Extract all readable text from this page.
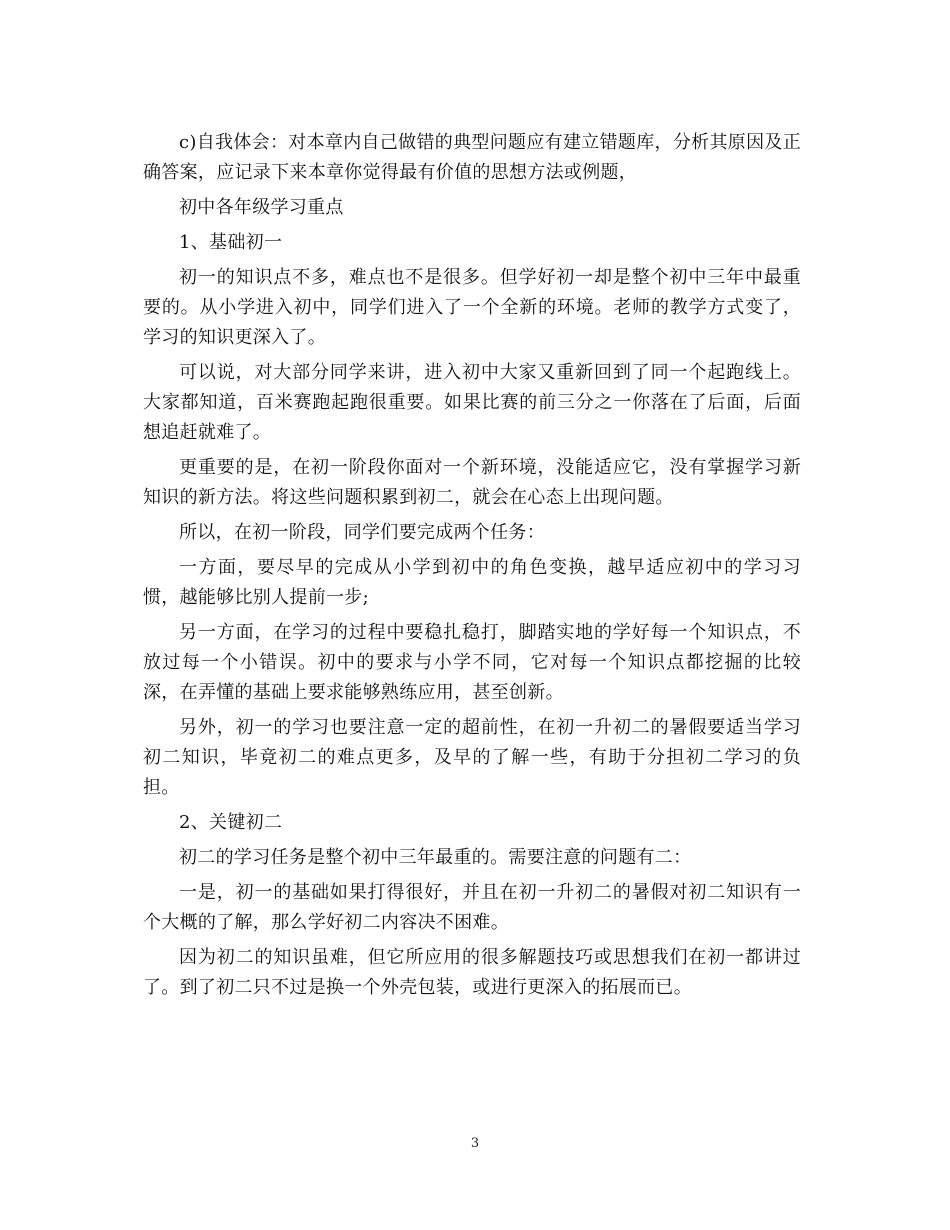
c)自我体会：对本章内自己做错的典型问题应有建立错题库，分析其原因及正确答案，应记录下来本章你觉得最有价值的思想方法或例题，

初中各年级学习重点

1、基础初一

初一的知识点不多，难点也不是很多。但学好初一却是整个初中三年中最重要的。从小学进入初中，同学们进入了一个全新的环境。老师的教学方式变了，学习的知识更深入了。

可以说，对大部分同学来讲，进入初中大家又重新回到了同一个起跑线上。大家都知道，百米赛跑起跑很重要。如果比赛的前三分之一你落在了后面，后面想追赶就难了。

更重要的是，在初一阶段你面对一个新环境，没能适应它，没有掌握学习新知识的新方法。将这些问题积累到初二，就会在心态上出现问题。

所以，在初一阶段，同学们要完成两个任务：

一方面，要尽早的完成从小学到初中的角色变换，越早适应初中的学习习惯，越能够比别人提前一步;

另一方面，在学习的过程中要稳扎稳打，脚踏实地的学好每一个知识点，不放过每一个小错误。初中的要求与小学不同，它对每一个知识点都挖掘的比较深，在弄懂的基础上要求能够熟练应用，甚至创新。

另外，初一的学习也要注意一定的超前性，在初一升初二的暑假要适当学习初二知识，毕竟初二的难点更多，及早的了解一些，有助于分担初二学习的负担。

2、关键初二

初二的学习任务是整个初中三年最重的。需要注意的问题有二：

一是，初一的基础如果打得很好，并且在初一升初二的暑假对初二知识有一个大概的了解，那么学好初二内容决不困难。

因为初二的知识虽难，但它所应用的很多解题技巧或思想我们在初一都讲过了。到了初二只不过是换一个外壳包装，或进行更深入的拓展而已。

3
